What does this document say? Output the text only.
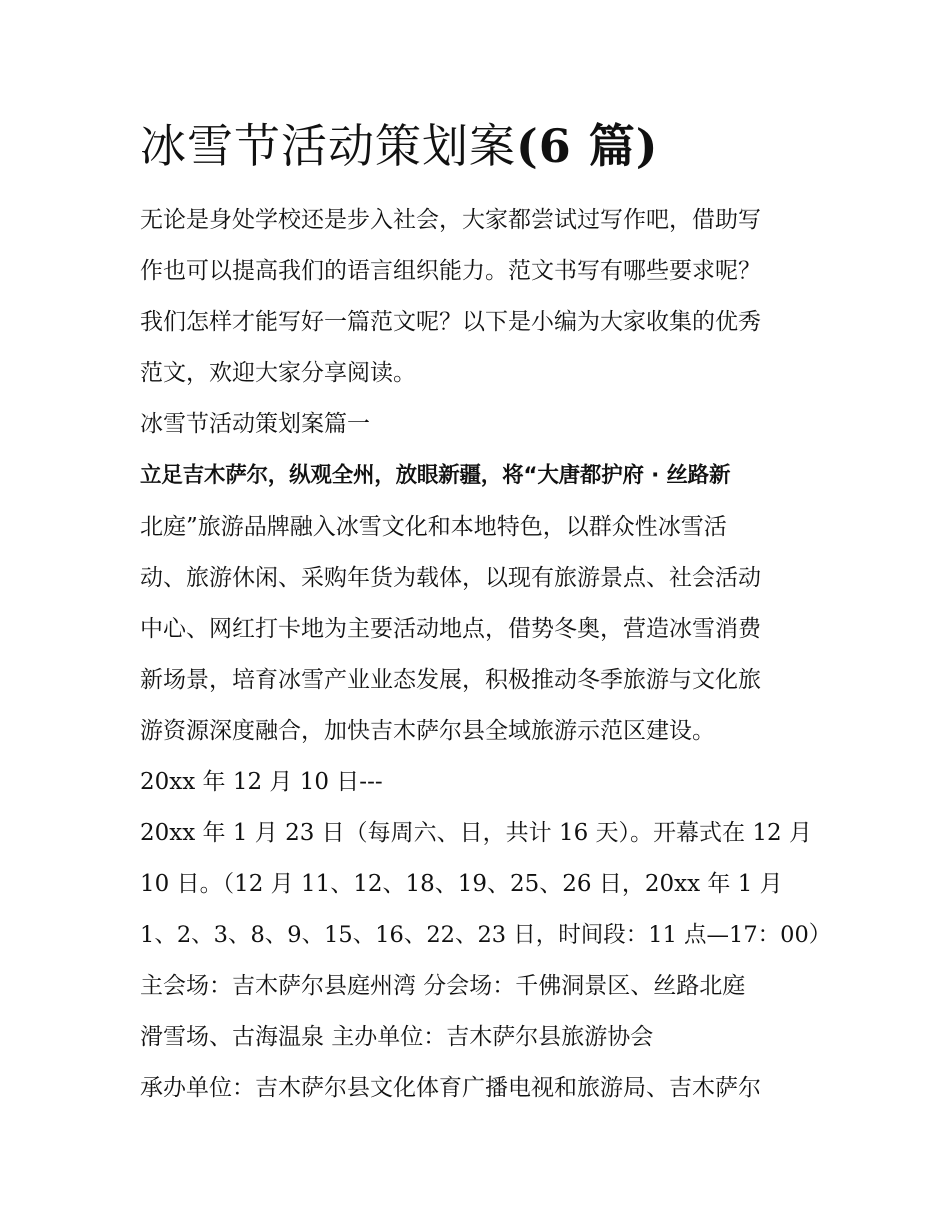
冰雪节活动策划案(6 篇)

无论是身处学校还是步入社会，大家都尝试过写作吧，借助写

作也可以提高我们的语言组织能力。范文书写有哪些要求呢？

我们怎样才能写好一篇范文呢？以下是小编为大家收集的优秀

范文，欢迎大家分享阅读。

冰雪节活动策划案篇一

立足吉木萨尔，纵观全州，放眼新疆，将“大唐都护府 · 丝路新

北庭”旅游品牌融入冰雪文化和本地特色，以群众性冰雪活

动、旅游休闲、采购年货为载体，以现有旅游景点、社会活动

中心、网红打卡地为主要活动地点，借势冬奥，营造冰雪消费

新场景，培育冰雪产业业态发展，积极推动冬季旅游与文化旅

游资源深度融合，加快吉木萨尔县全域旅游示范区建设。

20xx 年 12 月 10 日---

20xx 年 1 月 23 日（每周六、日，共计 16 天）。开幕式在 12 月

10 日。（12 月 11、12、18、19、25、26 日，20xx 年 1 月

1、2、3、8、9、15、16、22、23 日，时间段：11 点—17：00）

主会场：吉木萨尔县庭州湾 分会场：千佛洞景区、丝路北庭

滑雪场、古海温泉 主办单位：吉木萨尔县旅游协会

承办单位：吉木萨尔县文化体育广播电视和旅游局、吉木萨尔
